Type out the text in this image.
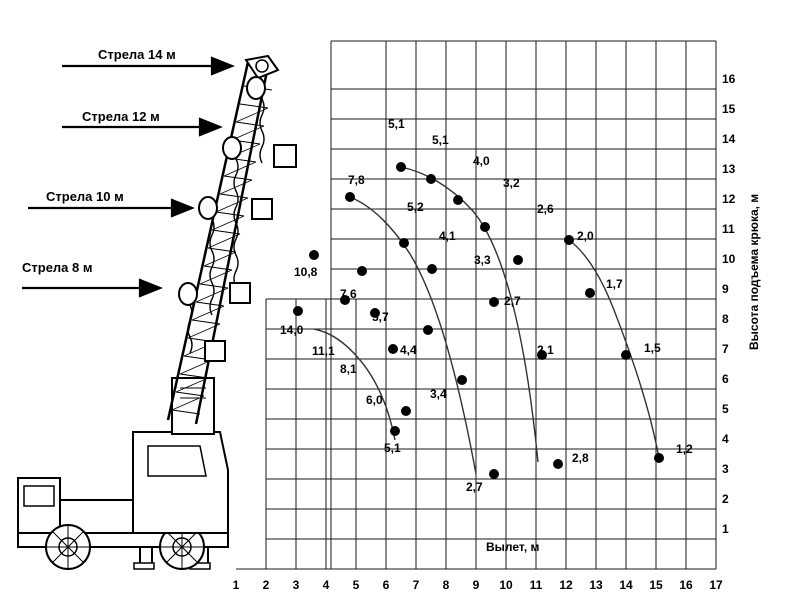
Стрела 14 м
Стрела 12 м
Стрела 10 м
Стрела 8 м
5,1
5,1
4,0
3,2
2,6
2,0
1,7
1,5
1,2
2,8
2,1
2,7
2,7
3,3
4,1
5,2
7,8
10,8
7,6
5,7
14,0
11,1
8,1
4,4
6,0	3,4
5,1
Вылет, м
Высота подъема крюка, м
1	2	3	4	5	6	7	8	9	10 11 12 13 14 15 16 17
16
15
14
13
12
11
10
9
8
7
6
5
4
3
2
1
